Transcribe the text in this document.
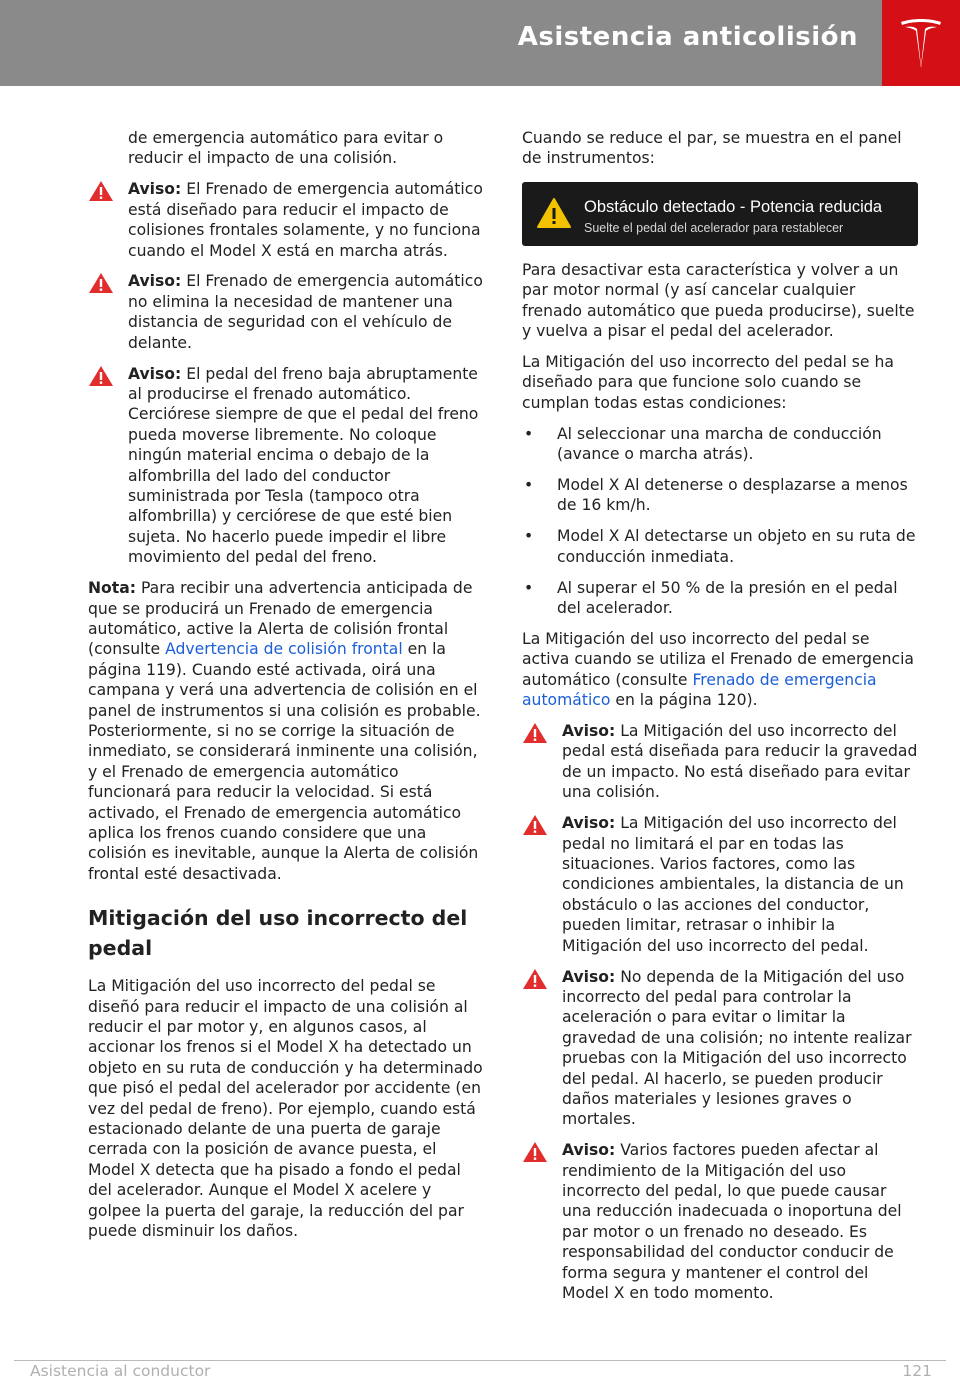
Asistencia anticolisión

de emergencia automático para evitar o reducir el impacto de una colisión.

Aviso: El Frenado de emergencia automático está diseñado para reducir el impacto de colisiones frontales solamente, y no funciona cuando el Model X está en marcha atrás.
Aviso: El Frenado de emergencia automático no elimina la necesidad de mantener una distancia de seguridad con el vehículo de delante.
Aviso: El pedal del freno baja abruptamente al producirse el frenado automático. Cerciórese siempre de que el pedal del freno pueda moverse libremente. No coloque ningún material encima o debajo de la alfombrilla del lado del conductor suministrada por Tesla (tampoco otra alfombrilla) y cerciórese de que esté bien sujeta. No hacerlo puede impedir el libre movimiento del pedal del freno.

Nota: Para recibir una advertencia anticipada de que se producirá un Frenado de emergencia automático, active la Alerta de colisión frontal (consulte Advertencia de colisión frontal en la página 119). Cuando esté activada, oirá una campana y verá una advertencia de colisión en el panel de instrumentos si una colisión es probable. Posteriormente, si no se corrige la situación de inmediato, se considerará inminente una colisión, y el Frenado de emergencia automático funcionará para reducir la velocidad. Si está activado, el Frenado de emergencia automático aplica los frenos cuando considere que una colisión es inevitable, aunque la Alerta de colisión frontal esté desactivada.

Mitigación del uso incorrecto del pedal

La Mitigación del uso incorrecto del pedal se diseñó para reducir el impacto de una colisión al reducir el par motor y, en algunos casos, al accionar los frenos si el Model X ha detectado un objeto en su ruta de conducción y ha determinado que pisó el pedal del acelerador por accidente (en vez del pedal de freno). Por ejemplo, cuando está estacionado delante de una puerta de garaje cerrada con la posición de avance puesta, el Model X detecta que ha pisado a fondo el pedal del acelerador. Aunque el Model X acelere y golpee la puerta del garaje, la reducción del par puede disminuir los daños.

Cuando se reduce el par, se muestra en el panel de instrumentos:

Obstáculo detectado - Potencia reducida
Suelte el pedal del acelerador para restablecer

Para desactivar esta característica y volver a un par motor normal (y así cancelar cualquier frenado automático que pueda producirse), suelte y vuelva a pisar el pedal del acelerador.

La Mitigación del uso incorrecto del pedal se ha diseñado para que funcione solo cuando se cumplan todas estas condiciones:

• Al seleccionar una marcha de conducción (avance o marcha atrás).
• Model X Al detenerse o desplazarse a menos de 16 km/h.
• Model X Al detectarse un objeto en su ruta de conducción inmediata.
• Al superar el 50 % de la presión en el pedal del acelerador.

La Mitigación del uso incorrecto del pedal se activa cuando se utiliza el Frenado de emergencia automático (consulte Frenado de emergencia automático en la página 120).

Aviso: La Mitigación del uso incorrecto del pedal está diseñada para reducir la gravedad de un impacto. No está diseñado para evitar una colisión.
Aviso: La Mitigación del uso incorrecto del pedal no limitará el par en todas las situaciones. Varios factores, como las condiciones ambientales, la distancia de un obstáculo o las acciones del conductor, pueden limitar, retrasar o inhibir la Mitigación del uso incorrecto del pedal.
Aviso: No dependa de la Mitigación del uso incorrecto del pedal para controlar la aceleración o para evitar o limitar la gravedad de una colisión; no intente realizar pruebas con la Mitigación del uso incorrecto del pedal. Al hacerlo, se pueden producir daños materiales y lesiones graves o mortales.
Aviso: Varios factores pueden afectar al rendimiento de la Mitigación del uso incorrecto del pedal, lo que puede causar una reducción inadecuada o inoportuna del par motor o un frenado no deseado. Es responsabilidad del conductor conducir de forma segura y mantener el control del Model X en todo momento.
Asistencia al conductor	121
